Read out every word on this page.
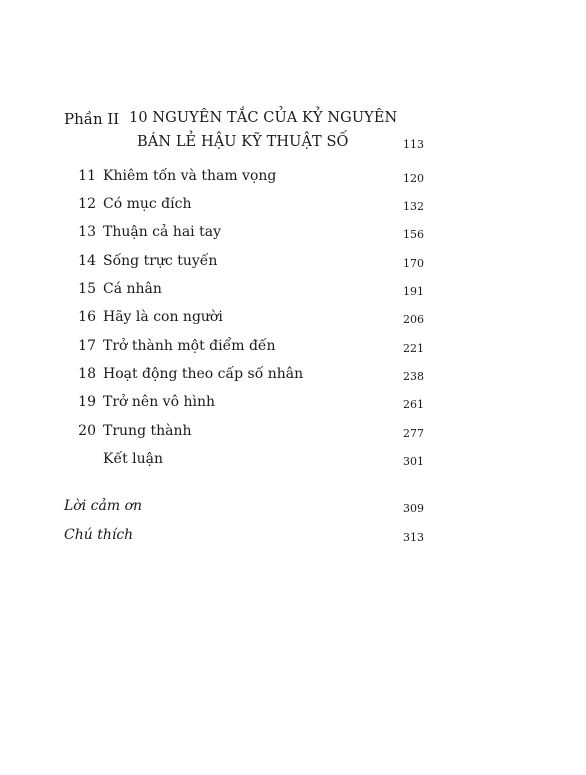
Phần II 10 NGUYÊN TẮC CỦA KỶ NGUYÊN
BÁN LẺ HẬU KỸ THUẬT SỐ	113
11 Khiêm tốn và tham vọng	120
12 Có mục đích	132
13 Thuận cả hai tay	156
14 Sống trực tuyến	170
15 Cá nhân	191
16 Hãy là con người	206
17 Trở thành một điểm đến	221
18 Hoạt động theo cấp số nhân	238
19 Trở nên vô hình	261
20 Trung thành	277
Kết luận	301
Lời cảm ơn	309
Chú thích	313
